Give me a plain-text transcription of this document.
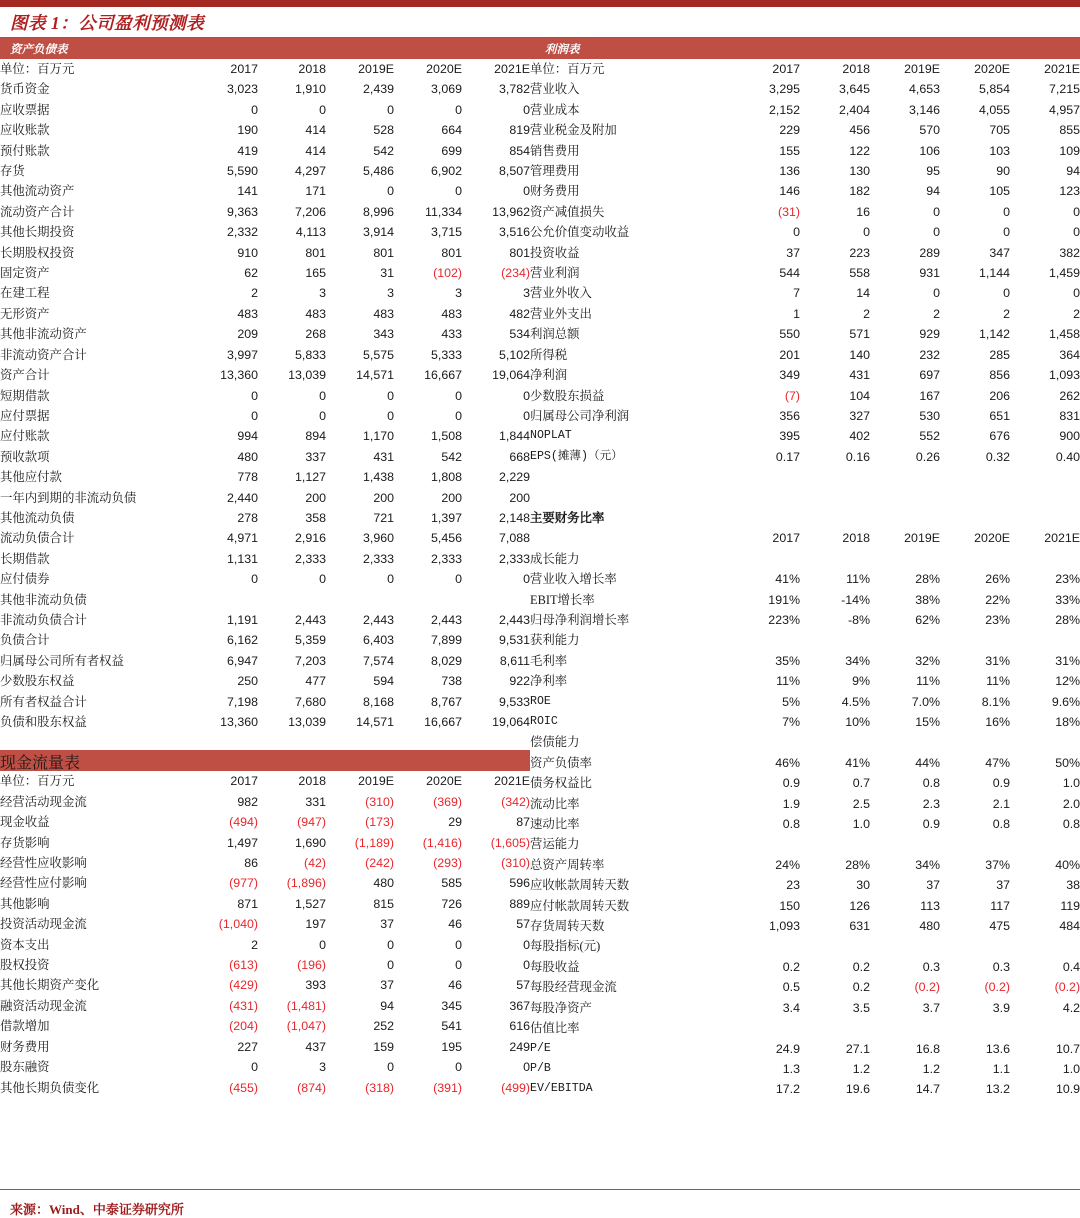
图表 1：公司盈利预测表
资产负债表	利润表
单位：百万元	2017	2018	2019E	2020E	2021E
货币资金	3,023	1,910	2,439	3,069	3,782
应收票据	0	0	0	0	0
应收账款	190	414	528	664	819
预付账款	419	414	542	699	854
存货	5,590	4,297	5,486	6,902	8,507
其他流动资产	141	171	0	0	0
流动资产合计	9,363	7,206	8,996	11,334	13,962
其他长期投资	2,332	4,113	3,914	3,715	3,516
长期股权投资	910	801	801	801	801
固定资产	62	165	31	(102)	(234)
在建工程	2	3	3	3	3
无形资产	483	483	483	483	482
其他非流动资产	209	268	343	433	534
非流动资产合计	3,997	5,833	5,575	5,333	5,102
资产合计	13,360	13,039	14,571	16,667	19,064
短期借款	0	0	0	0	0
应付票据	0	0	0	0	0
应付账款	994	894	1,170	1,508	1,844
预收款项	480	337	431	542	668
其他应付款	778	1,127	1,438	1,808	2,229
一年内到期的非流动负债	2,440	200	200	200	200
其他流动负债	278	358	721	1,397	2,148
流动负债合计	4,971	2,916	3,960	5,456	7,088
长期借款	1,131	2,333	2,333	2,333	2,333
应付债券	0	0	0	0	0
其他非流动负债					
非流动负债合计	1,191	2,443	2,443	2,443	2,443
负债合计	6,162	5,359	6,403	7,899	9,531
归属母公司所有者权益	6,947	7,203	7,574	8,029	8,611
少数股东权益	250	477	594	738	922
所有者权益合计	7,198	7,680	8,168	8,767	9,533
负债和股东权益	13,360	13,039	14,571	16,667	19,064
现金流量表
单位：百万元	2017	2018	2019E	2020E	2021E
经营活动现金流	982	331	(310)	(369)	(342)
现金收益	(494)	(947)	(173)	29	87
存货影响	1,497	1,690	(1,189)	(1,416)	(1,605)
经营性应收影响	86	(42)	(242)	(293)	(310)
经营性应付影响	(977)	(1,896)	480	585	596
其他影响	871	1,527	815	726	889
投资活动现金流	(1,040)	197	37	46	57
资本支出	2	0	0	0	0
股权投资	(613)	(196)	0	0	0
其他长期资产变化	(429)	393	37	46	57
融资活动现金流	(431)	(1,481)	94	345	367
借款增加	(204)	(1,047)	252	541	616
财务费用	227	437	159	195	249
股东融资	0	3	0	0	0
其他长期负债变化	(455)	(874)	(318)	(391)	(499)
单位：百万元	2017	2018	2019E	2020E	2021E
营业收入	3,295	3,645	4,653	5,854	7,215
营业成本	2,152	2,404	3,146	4,055	4,957
营业税金及附加	229	456	570	705	855
销售费用	155	122	106	103	109
管理费用	136	130	95	90	94
财务费用	146	182	94	105	123
资产减值损失	(31)	16	0	0	0
公允价值变动收益	0	0	0	0	0
投资收益	37	223	289	347	382
营业利润	544	558	931	1,144	1,459
营业外收入	7	14	0	0	0
营业外支出	1	2	2	2	2
利润总额	550	571	929	1,142	1,458
所得税	201	140	232	285	364
净利润	349	431	697	856	1,093
少数股东损益	(7)	104	167	206	262
归属母公司净利润	356	327	530	651	831
NOPLAT	395	402	552	676	900
EPS(摊薄)（元）	0.17	0.16	0.26	0.32	0.40

主要财务比率					
	2017	2018	2019E	2020E	2021E
成长能力					
营业收入增长率	41%	11%	28%	26%	23%
EBIT增长率	191%	-14%	38%	22%	33%
归母净利润增长率	223%	-8%	62%	23%	28%
获利能力					
毛利率	35%	34%	32%	31%	31%
净利率	11%	9%	11%	11%	12%
ROE	5%	4.5%	7.0%	8.1%	9.6%
ROIC	7%	10%	15%	16%	18%
偿债能力					
资产负债率	46%	41%	44%	47%	50%
债务权益比	0.9	0.7	0.8	0.9	1.0
流动比率	1.9	2.5	2.3	2.1	2.0
速动比率	0.8	1.0	0.9	0.8	0.8
营运能力					
总资产周转率	24%	28%	34%	37%	40%
应收帐款周转天数	23	30	37	37	38
应付帐款周转天数	150	126	113	117	119
存货周转天数	1,093	631	480	475	484
每股指标(元)					
每股收益	0.2	0.2	0.3	0.3	0.4
每股经营现金流	0.5	0.2	(0.2)	(0.2)	(0.2)
每股净资产	3.4	3.5	3.7	3.9	4.2
估值比率					
P/E	24.9	27.1	16.8	13.6	10.7
P/B	1.3	1.2	1.2	1.1	1.0
EV/EBITDA	17.2	19.6	14.7	13.2	10.9
来源：Wind、中泰证券研究所
